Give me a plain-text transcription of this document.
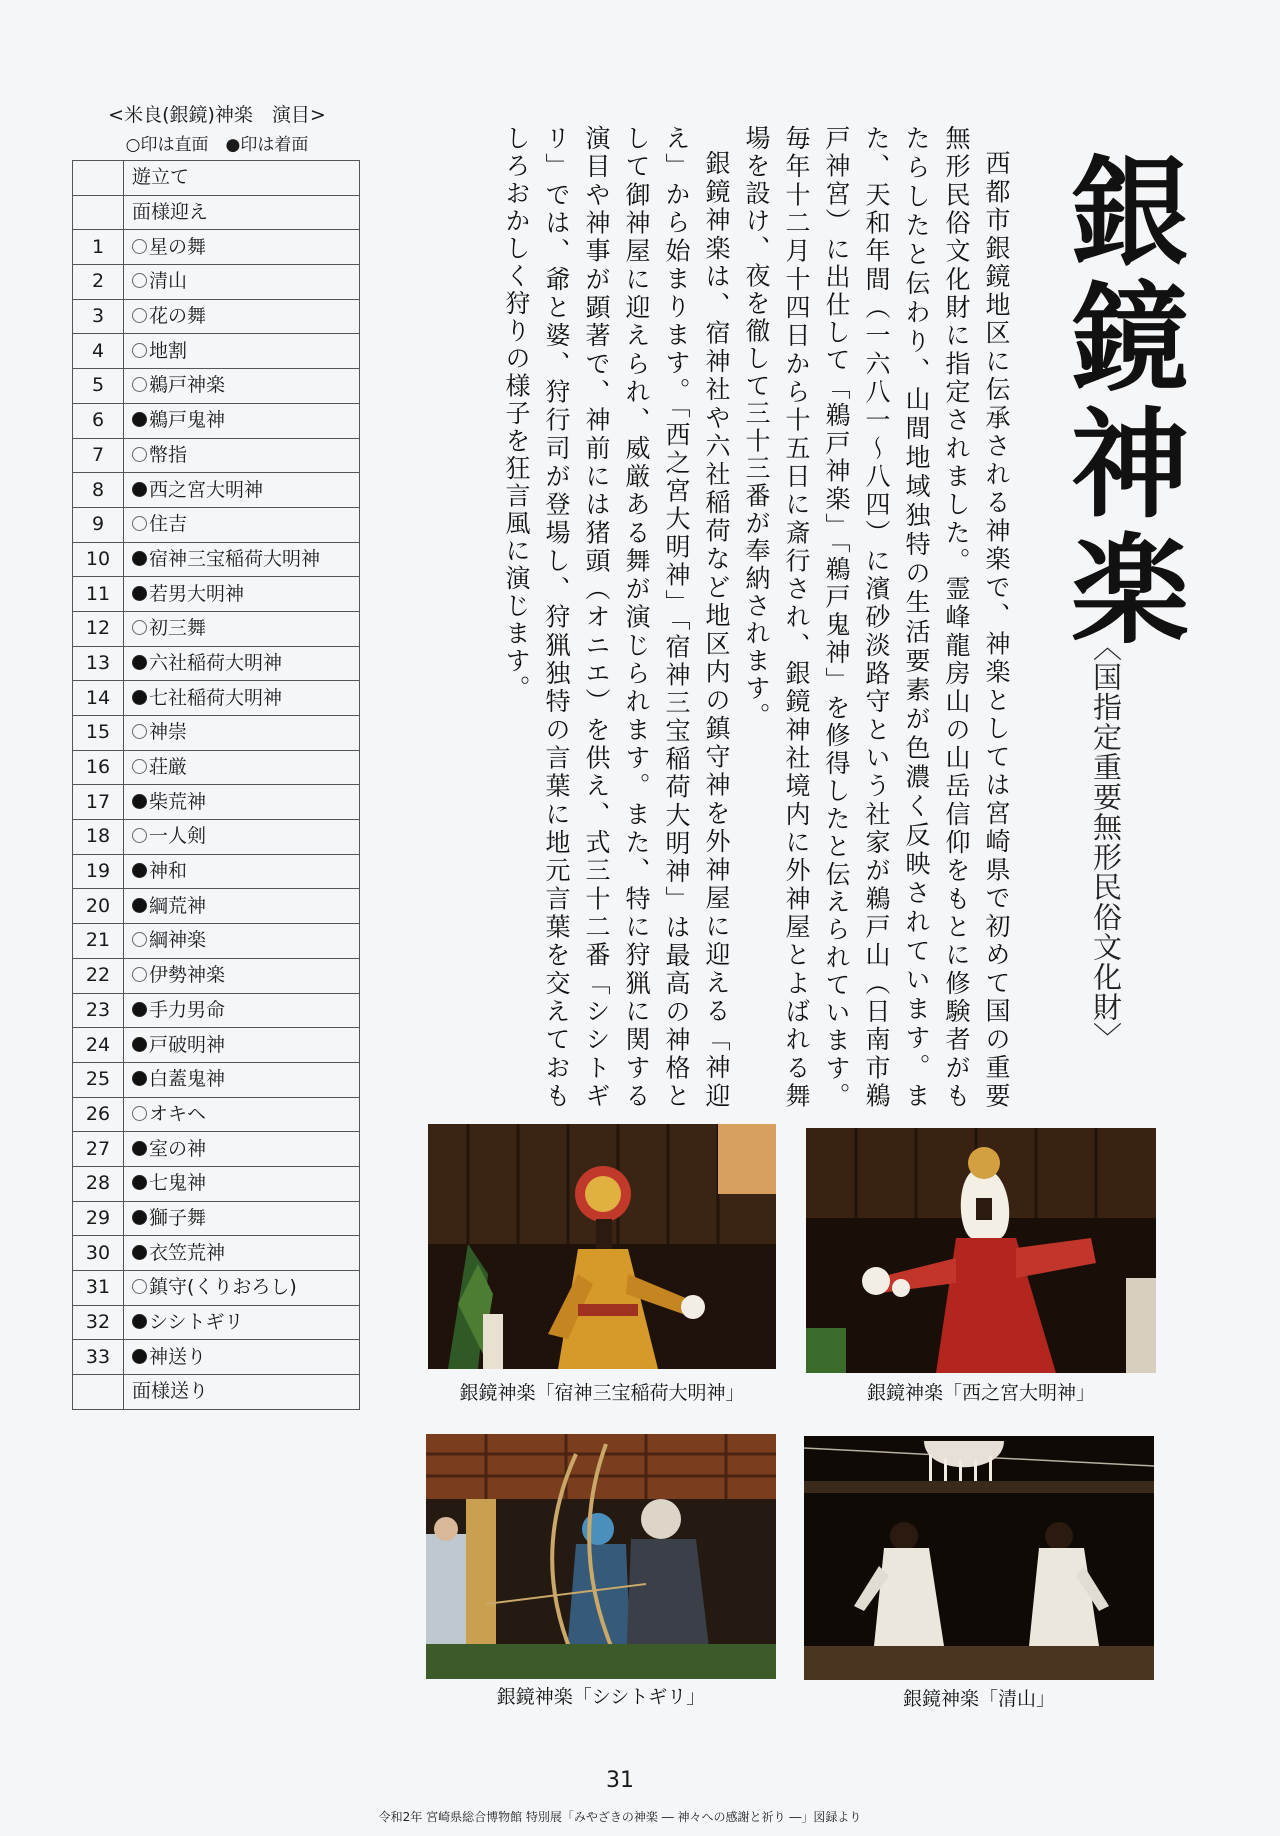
<米良(銀鏡)神楽　演目>
○印は直面　●印は着面
	遊立て
	面様迎え
1	星の舞
2	清山
3	花の舞
4	地割
5	鵜戸神楽
6	鵜戸鬼神
7	幣指
8	西之宮大明神
9	住吉
10	宿神三宝稲荷大明神
11	若男大明神
12	初三舞
13	六社稲荷大明神
14	七社稲荷大明神
15	神崇
16	荘厳
17	柴荒神
18	一人剣
19	神和
20	綱荒神
21	綱神楽
22	伊勢神楽
23	手力男命
24	戸破明神
25	白蓋鬼神
26	オキヘ
27	室の神
28	七鬼神
29	獅子舞
30	衣笠荒神
31	鎮守(くりおろし)
32	シシトギリ
33	神送り
	面様送り
銀鏡神楽
〈国指定重要無形民俗文化財〉

西都市銀鏡地区に伝承される神楽で、神楽としては宮崎県で初めて国の重要無形民俗文化財に指定されました。霊峰龍房山の山岳信仰をもとに修験者がもたらしたと伝わり、山間地域独特の生活要素が色濃く反映されています。また、天和年間（一六八一～八四）に濱砂淡路守という社家が鵜戸山（日南市鵜戸神宮）に出仕して「鵜戸神楽」「鵜戸鬼神」を修得したと伝えられています。毎年十二月十四日から十五日に斎行され、銀鏡神社境内に外神屋とよばれる舞場を設け、夜を徹して三十三番が奉納されます。

銀鏡神楽は、宿神社や六社稲荷など地区内の鎮守神を外神屋に迎える「神迎え」から始まります。「西之宮大明神」「宿神三宝稲荷大明神」は最高の神格として御神屋に迎えられ、威厳ある舞が演じられます。また、特に狩猟に関する演目や神事が顕著で、神前には猪頭（オニエ）を供え、式三十二番「シシトギリ」では、爺と婆、狩行司が登場し、狩猟独特の言葉に地元言葉を交えておもしろおかしく狩りの様子を狂言風に演じます。

銀鏡神楽「宿神三宝稲荷大明神」	銀鏡神楽「西之宮大明神」
銀鏡神楽「シシトギリ」	銀鏡神楽「清山」
31
令和2年 宮崎県総合博物館 特別展「みやざきの神楽 ― 神々への感謝と祈り ―」図録より
